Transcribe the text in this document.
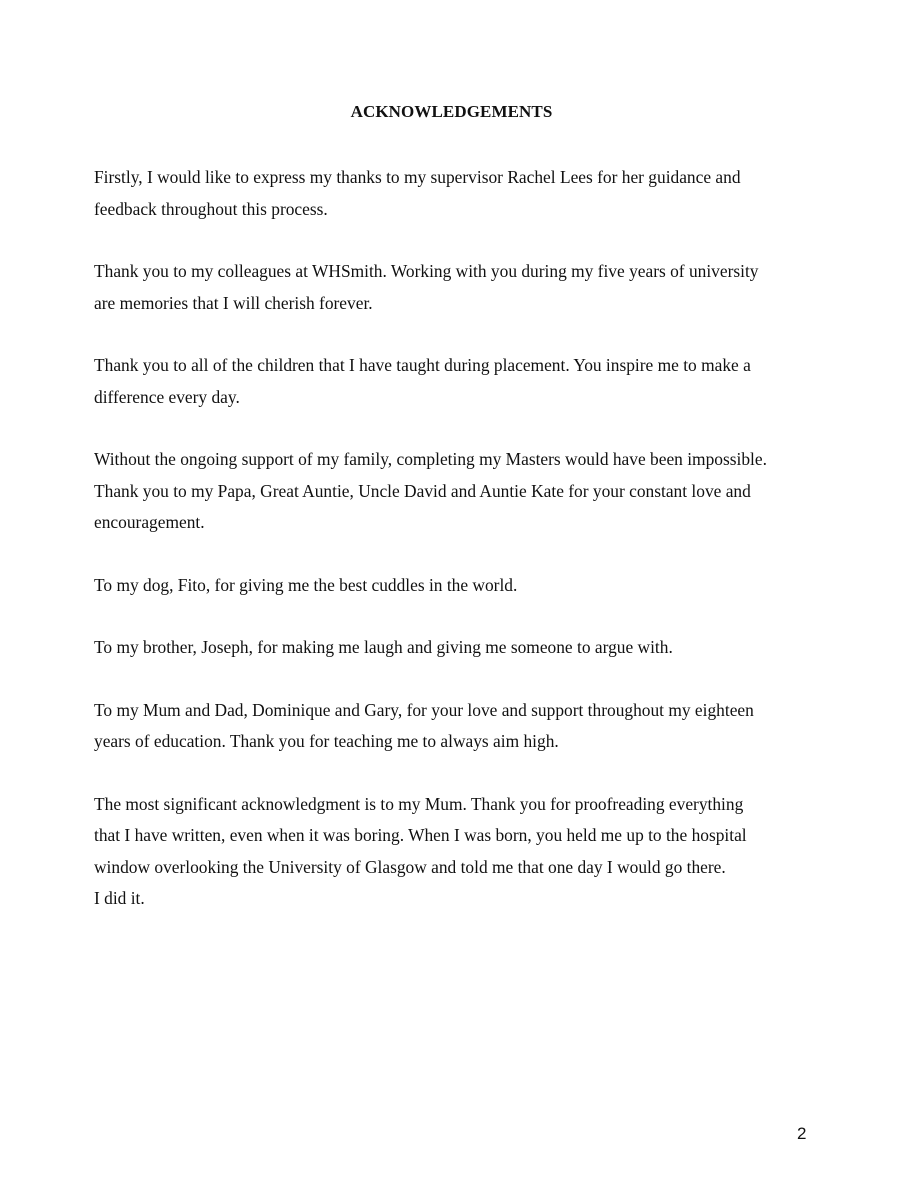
ACKNOWLEDGEMENTS

Firstly, I would like to express my thanks to my supervisor Rachel Lees for her guidance and
feedback throughout this process.

Thank you to my colleagues at WHSmith. Working with you during my five years of university
are memories that I will cherish forever.

Thank you to all of the children that I have taught during placement. You inspire me to make a
difference every day.

Without the ongoing support of my family, completing my Masters would have been impossible.
Thank you to my Papa, Great Auntie, Uncle David and Auntie Kate for your constant love and
encouragement.

To my dog, Fito, for giving me the best cuddles in the world.

To my brother, Joseph, for making me laugh and giving me someone to argue with.

To my Mum and Dad, Dominique and Gary, for your love and support throughout my eighteen
years of education. Thank you for teaching me to always aim high.

The most significant acknowledgment is to my Mum. Thank you for proofreading everything
that I have written, even when it was boring. When I was born, you held me up to the hospital
window overlooking the University of Glasgow and told me that one day I would go there.
I did it.

2
